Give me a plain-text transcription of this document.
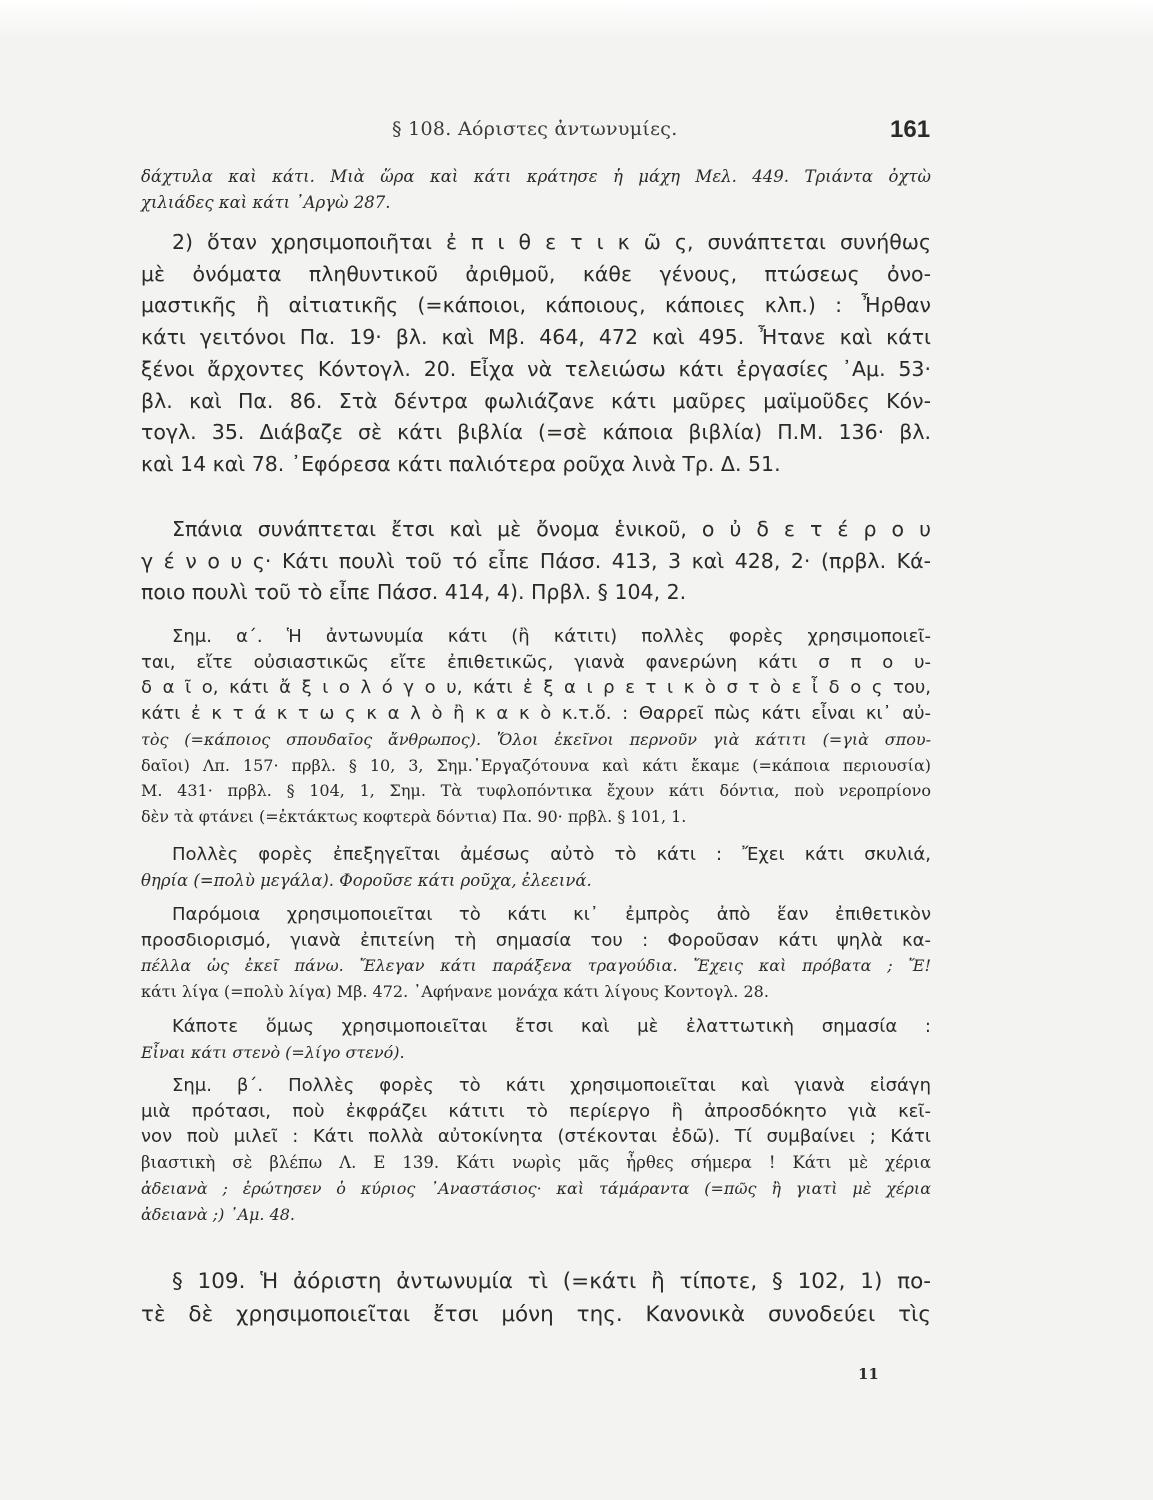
§ 108. Αόριστες ἀντωνυμίες.	161
δάχτυλα καὶ κάτι. Μιὰ ὥρα καὶ κάτι κράτησε ἡ μάχη Μελ. 449. Τριάντα ὀχτὼ
χιλιάδες καὶ κάτι ᾿Αργὼ 287.
2) ὅταν χρησιμοποιῆται ἐ π ι θ ε τ ι κ ῶ ς, συνάπτεται συνήθως
μὲ ὀνόματα πληθυντικοῦ ἀριθμοῦ, κάθε γένους, πτώσεως ὀνο-
μαστικῆς ἢ αἰτιατικῆς (=κάποιοι, κάποιους, κάποιες κλπ.) : Ἦρθαν
κάτι γειτόνοι Πα. 19· βλ. καὶ Μβ. 464, 472 καὶ 495. Ἦτανε καὶ κάτι
ξένοι ἄρχοντες Κόντογλ. 20. Εἶχα νὰ τελειώσω κάτι ἐργασίες ᾿Αμ. 53·
βλ. καὶ Πα. 86. Στὰ δέντρα φωλιάζανε κάτι μαῦρες μαϊμοῦδες Κόν-
τογλ. 35. Διάβαζε σὲ κάτι βιβλία (=σὲ κάποια βιβλία) Π.Μ. 136· βλ.
καὶ 14 καὶ 78. ᾿Εφόρεσα κάτι παλιότερα ροῦχα λινὰ Τρ. Δ. 51.
Σπάνια συνάπτεται ἔτσι καὶ μὲ ὄνομα ἑνικοῦ, ο ὐ δ ε τ έ ρ ο υ
γ έ ν ο υ ς· Κάτι πουλὶ τοῦ τό εἶπε Πάσσ. 413, 3 καὶ 428, 2· (πρβλ. Κά-
ποιο πουλὶ τοῦ τὸ εἶπε Πάσσ. 414, 4). Πρβλ. § 104, 2.
Σημ. α΄. Ἡ ἀντωνυμία κάτι (ἢ κάτιτι) πολλὲς φορὲς χρησιμοποιεῖ-
ται, εἴτε οὐσιαστικῶς εἴτε ἐπιθετικῶς, γιανὰ φανερώνη κάτι σ π ο υ-
δ α ῖ ο, κάτι ἄ ξ ι ο λ ό γ ο υ, κάτι ἐ ξ α ι ρ ε τ ι κ ὸ σ τ ὸ ε ἶ δ ο ς του,
κάτι ἐ κ τ ά κ τ ω ς κ α λ ὸ ἢ κ α κ ὸ κ.τ.ὅ. : Θαρρεῖ πὼς κάτι εἶναι κι᾿ αὐ-
τὸς (=κάποιος σπουδαῖος ἄνθρωπος). Ὅλοι ἐκεῖνοι περνοῦν γιὰ κάτιτι (=γιὰ σπου-
δαῖοι) Λπ. 157· πρβλ. § 10, 3, Σημ.᾿Εργαζότουνα καὶ κάτι ἔκαμε (=κάποια περιουσία)
Μ. 431· πρβλ. § 104, 1, Σημ. Τὰ τυφλοπόντικα ἔχουν κάτι δόντια, ποὺ νεροπρίονο
δὲν τὰ φτάνει (=ἐκτάκτως κοφτερὰ δόντια) Πα. 90· πρβλ. § 101, 1.
Πολλὲς φορὲς ἐπεξηγεῖται ἀμέσως αὐτὸ τὸ κάτι : Ἔχει κάτι σκυλιά,
θηρία (=πολὺ μεγάλα). Φοροῦσε κάτι ροῦχα, ἐλεεινά.
Παρόμοια χρησιμοποιεῖται τὸ κάτι κι᾿ ἐμπρὸς ἀπὸ ἕαν ἐπιθετικὸν
προσδιορισμό, γιανὰ ἐπιτείνη τὴ σημασία του : Φοροῦσαν κάτι ψηλὰ κα-
πέλλα ὡς ἐκεῖ πάνω. Ἔλεγαν κάτι παράξενα τραγούδια. Ἔχεις καὶ πρόβατα ; Ἔ!
κάτι λίγα (=πολὺ λίγα) Μβ. 472. ᾿Αφήνανε μονάχα κάτι λίγους Κοντογλ. 28.
Κάποτε ὅμως χρησιμοποιεῖται ἔτσι καὶ μὲ ἐλαττωτικὴ σημασία :
Εἶναι κάτι στενὸ (=λίγο στενό).
Σημ. β΄. Πολλὲς φορὲς τὸ κάτι χρησιμοποιεῖται καὶ γιανὰ εἰσάγη
μιὰ πρότασι, ποὺ ἐκφράζει κάτιτι τὸ περίεργο ἢ ἀπροσδόκητο γιὰ κεῖ-
νον ποὺ μιλεῖ : Κάτι πολλὰ αὐτοκίνητα (στέκονται ἐδῶ). Τί συμβαίνει ; Κάτι
βιαστικὴ σὲ βλέπω Λ. Ε 139. Κάτι νωρὶς μᾶς ἦρθες σήμερα ! Κάτι μὲ χέρια
ἀδειανὰ ; ἐρώτησεν ὁ κύριος ᾿Αναστάσιος· καὶ τάμάραντα (=πῶς ἢ γιατὶ μὲ χέρια
ἀδειανὰ ;) ᾿Αμ. 48.
§ 109. Ἡ ἀόριστη ἀντωνυμία τὶ (=κάτι ἢ τίποτε, § 102, 1) πο-
τὲ δὲ χρησιμοποιεῖται ἔτσι μόνη της. Κανονικὰ συνοδεύει τὶς
11
